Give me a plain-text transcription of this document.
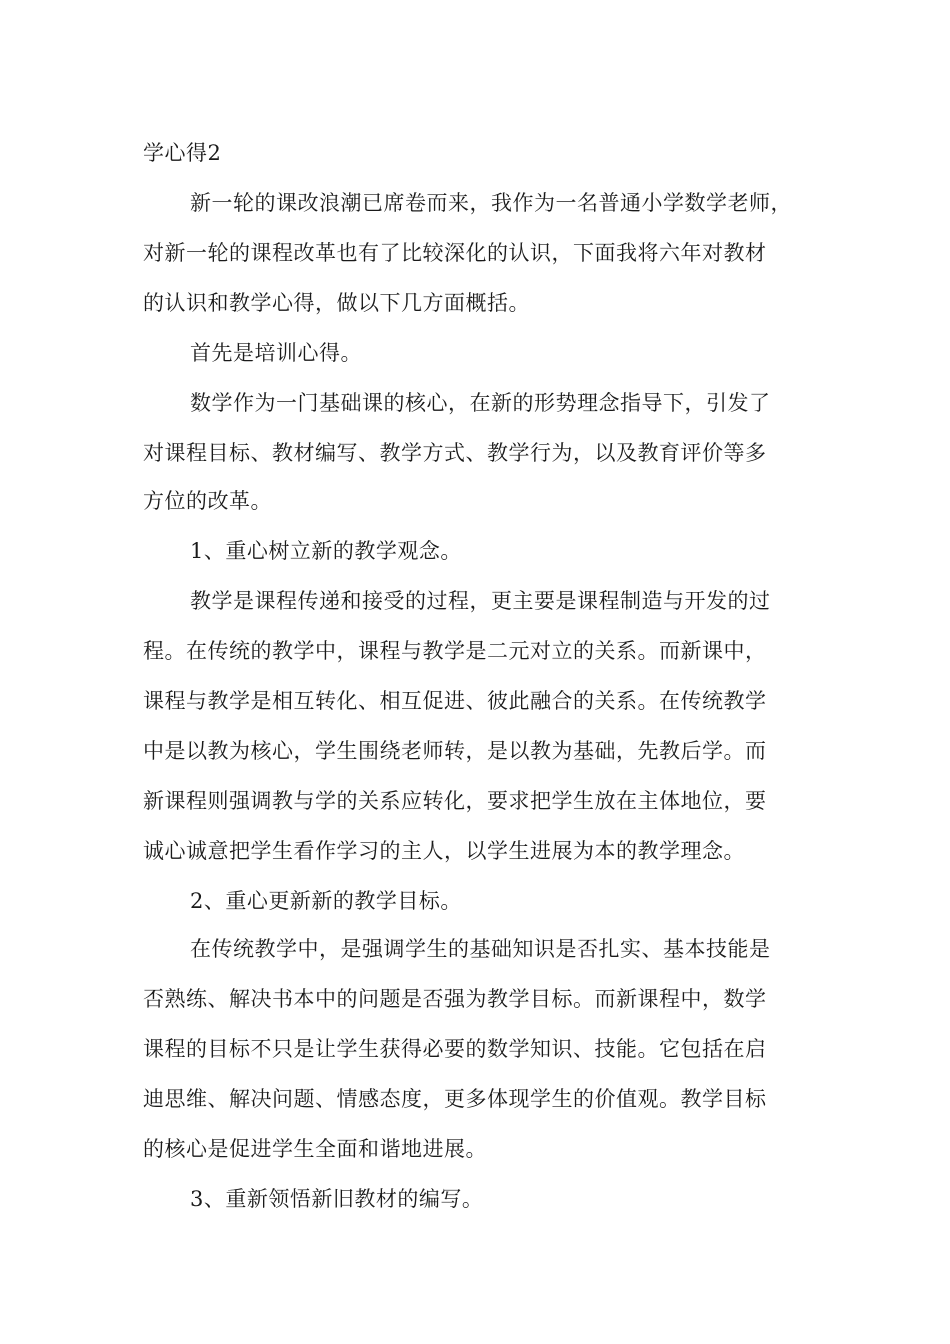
学心得2
新一轮的课改浪潮已席卷而来，我作为一名普通小学数学老师，
对新一轮的课程改革也有了比较深化的认识，下面我将六年对教材
的认识和教学心得，做以下几方面概括。
首先是培训心得。
数学作为一门基础课的核心，在新的形势理念指导下，引发了
对课程目标、教材编写、教学方式、教学行为，以及教育评价等多
方位的改革。
1、重心树立新的教学观念。
教学是课程传递和接受的过程，更主要是课程制造与开发的过
程。在传统的教学中，课程与教学是二元对立的关系。而新课中，
课程与教学是相互转化、相互促进、彼此融合的关系。在传统教学
中是以教为核心，学生围绕老师转，是以教为基础，先教后学。而
新课程则强调教与学的关系应转化，要求把学生放在主体地位，要
诚心诚意把学生看作学习的主人，以学生进展为本的教学理念。
2、重心更新新的教学目标。
在传统教学中，是强调学生的基础知识是否扎实、基本技能是
否熟练、解决书本中的问题是否强为教学目标。而新课程中，数学
课程的目标不只是让学生获得必要的数学知识、技能。它包括在启
迪思维、解决问题、情感态度，更多体现学生的价值观。教学目标
的核心是促进学生全面和谐地进展。
3、重新领悟新旧教材的编写。
